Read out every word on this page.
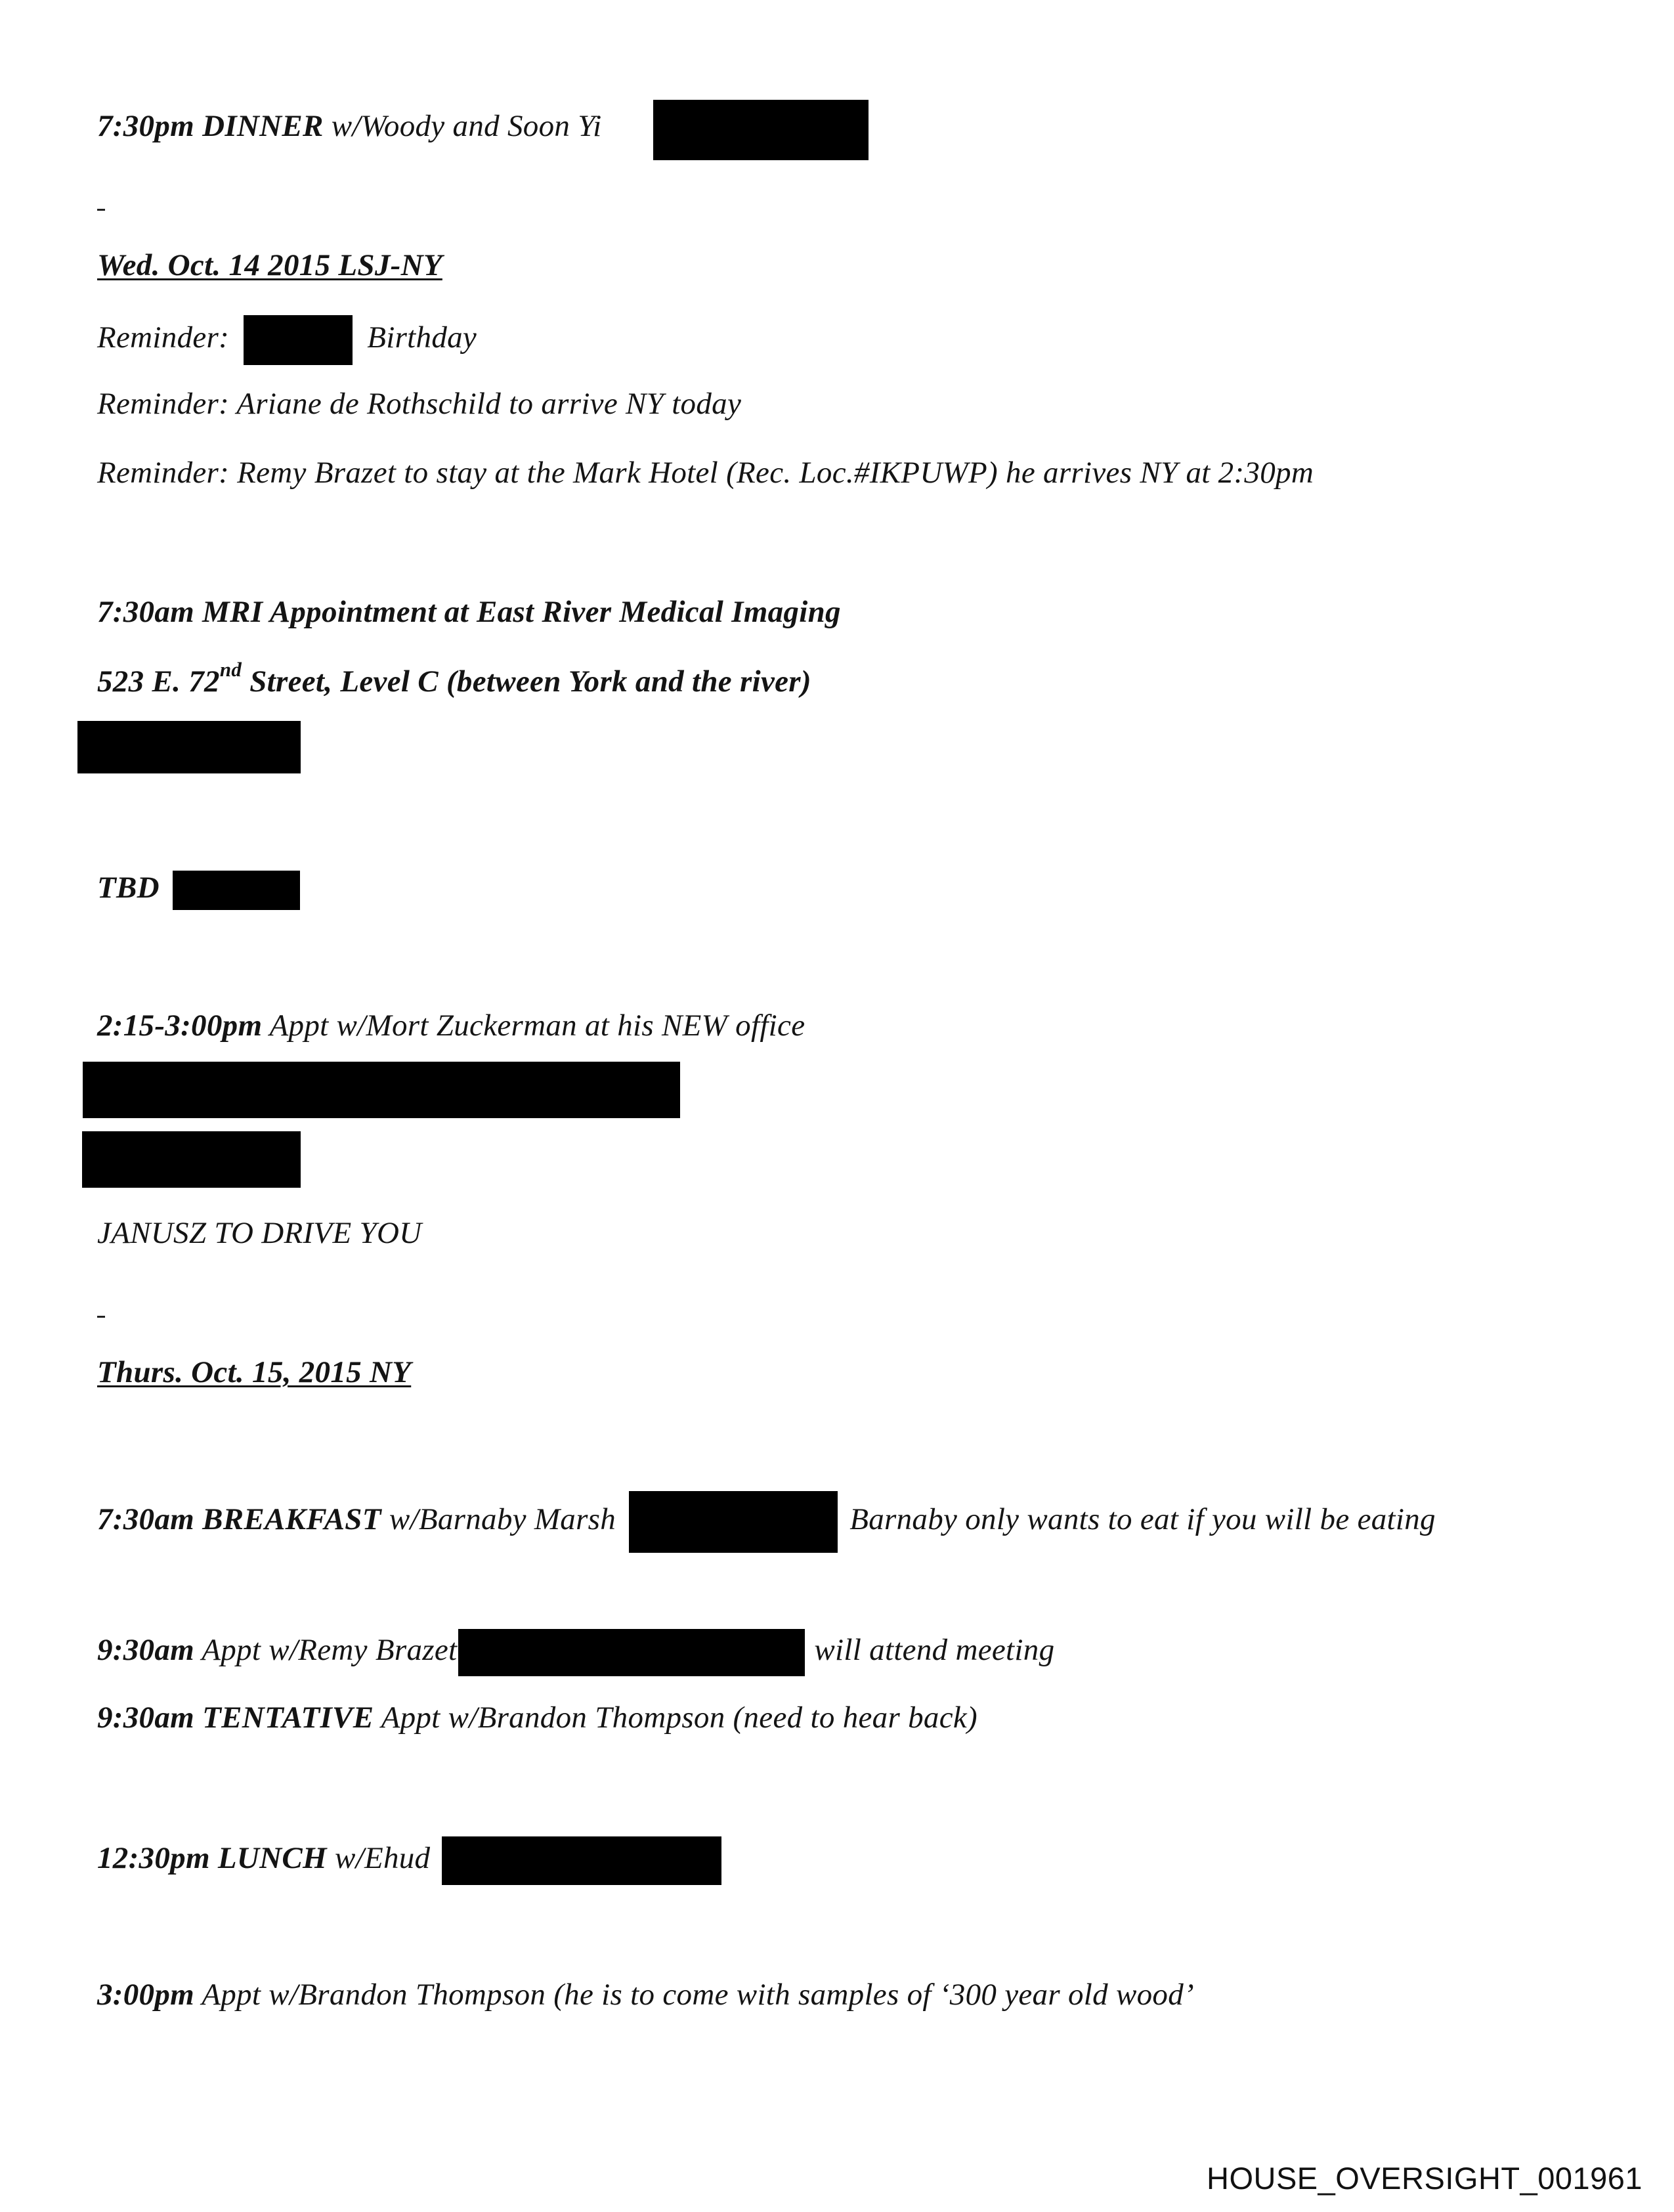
7:30pm DINNER w/Woody and Soon Yi
Wed. Oct. 14 2015 LSJ-NY
Reminder:	Birthday
Reminder: Ariane de Rothschild to arrive NY today
Reminder: Remy Brazet to stay at the Mark Hotel (Rec. Loc.#IKPUWP) he arrives NY at 2:30pm
7:30am MRI Appointment at East River Medical Imaging
523 E. 72nd Street, Level C (between York and the river)
TBD
2:15-3:00pm Appt w/Mort Zuckerman at his NEW office
JANUSZ TO DRIVE YOU
Thurs. Oct. 15, 2015 NY
7:30am BREAKFAST w/Barnaby Marsh	Barnaby only wants to eat if you will be eating
9:30am Appt w/Remy Brazet	will attend meeting
9:30am TENTATIVE Appt w/Brandon Thompson (need to hear back)
12:30pm LUNCH w/Ehud
3:00pm Appt w/Brandon Thompson (he is to come with samples of ‘300 year old wood’
HOUSE_OVERSIGHT_001961
